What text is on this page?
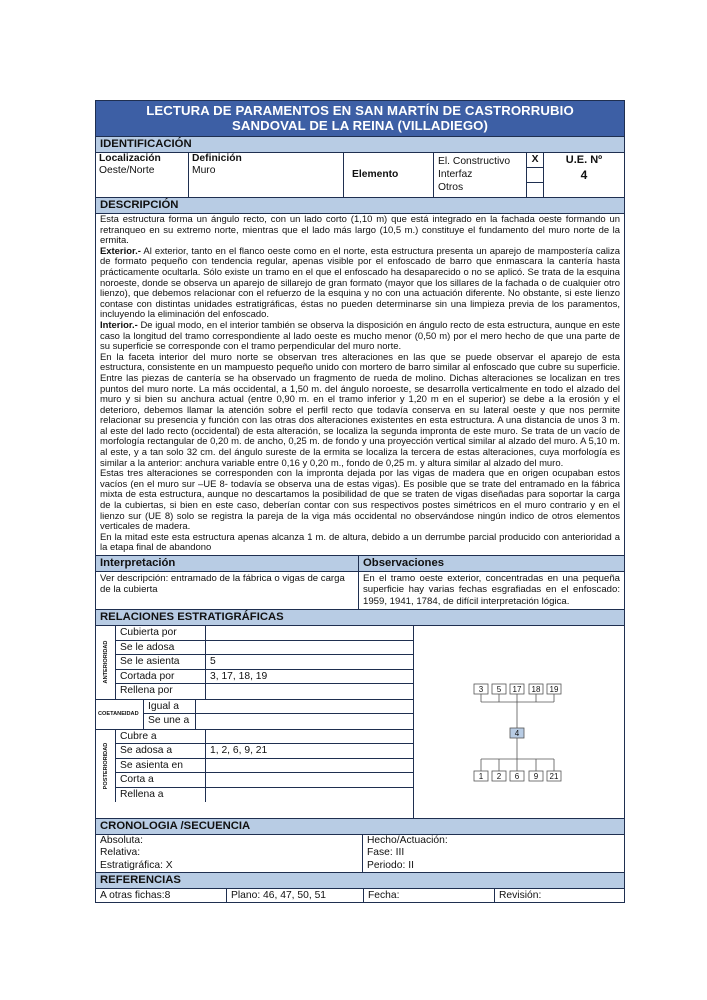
LECTURA DE PARAMENTOS EN SAN MARTÍN DE CASTRORRUBIO
SANDOVAL DE LA REINA (VILLADIEGO)
IDENTIFICACIÓN
Localización
Oeste/Norte

Definición
Muro	Elemento	
El. Constructivo
Interfaz
Otros

X	U.E. Nº
4
DESCRIPCIÓN

Esta estructura forma un ángulo recto, con un lado corto (1,10 m) que está integrado en la fachada oeste formando un retranqueo en su extremo norte, mientras que el lado más largo (10,5 m.) constituye el fundamento del muro norte de la ermita.

Exterior.- Al exterior, tanto en el flanco oeste como en el norte, esta estructura presenta un aparejo de mampostería caliza de formato pequeño con tendencia regular, apenas visible por el enfoscado de barro que enmascara la cantería hasta prácticamente ocultarla. Sólo existe un tramo en el que el enfoscado ha desaparecido o no se aplicó. Se trata de la esquina noroeste, donde se observa un aparejo de sillarejo de gran formato (mayor que los sillares de la fachada o de cualquier otro lienzo), que debemos relacionar con el refuerzo de la esquina y no con una actuación diferente. No obstante, si este lienzo contase con distintas unidades estratigráficas, éstas no pueden determinarse sin una limpieza previa de los paramentos, incluyendo la eliminación del enfoscado.

Interior.- De igual modo, en el interior también se observa la disposición en ángulo recto de esta estructura, aunque en este caso la longitud del tramo correspondiente al lado oeste es mucho menor (0,50 m) por el mero hecho de que una parte de su superficie se corresponde con el tramo perpendicular del muro norte.

En la faceta interior del muro norte se observan tres alteraciones en las que se puede observar el aparejo de esta estructura, consistente en un mampuesto pequeño unido con mortero de barro similar al enfoscado que cubre su superficie. Entre las piezas de cantería se ha observado un fragmento de rueda de molino. Dichas alteraciones se localizan en tres puntos del muro norte. La más occidental, a 1,50 m. del ángulo noroeste, se desarrolla verticalmente en todo el alzado del muro y si bien su anchura actual (entre 0,90 m. en el tramo inferior y 1,20 m en el superior) se debe a la erosión y el deterioro, debemos llamar la atención sobre el perfil recto que todavía conserva en su lateral oeste y que nos permite relacionar su presencia y función con las otras dos alteraciones existentes en esta estructura. A una distancia de unos 3 m. al este del lado recto (occidental) de esta alteración, se localiza la segunda impronta de este muro. Se trata de un vacío de morfología rectangular de 0,20 m. de ancho, 0,25 m. de fondo y una proyección vertical similar al alzado del muro. A 5,10 m. al este, y a tan solo 32 cm. del ángulo sureste de la ermita se localiza la tercera de estas alteraciones, cuya morfología es similar a la anterior: anchura variable entre 0,16 y 0,20 m., fondo de 0,25 m. y altura similar al alzado del muro.

Estas tres alteraciones se corresponden con la impronta dejada por las vigas de madera que en origen ocupaban estos vacíos (en el muro sur –UE 8- todavía se observa una de estas vigas). Es posible que se trate del entramado en la fábrica mixta de esta estructura, aunque no descartamos la posibilidad de que se traten de vigas diseñadas para soportar la carga de la cubiertas, si bien en este caso, deberían contar con sus respectivos postes simétricos en el muro contrario y en el lienzo sur (UE 8) solo se registra la pareja de la viga más occidental no observándose ningún indico de otros elementos verticales de madera.

En la mitad este esta estructura apenas alcanza 1 m. de altura, debido a un derrumbe parcial producido con anterioridad a la etapa final de abandono

Interpretación
Ver descripción: entramado de la fábrica o vigas de carga de la cubierta
Observaciones
En el tramo oeste exterior, concentradas en una pequeña superficie hay varias fechas esgrafiadas en el enfoscado: 1959, 1941, 1784, de difícil interpretación lógica.
RELACIONES ESTRATIGRÁFICAS
ANTERIORIDAD
Cubierta por
Se le adosa
Se le asienta	5
Cortada por	3, 17, 18, 19
Rellena por
COETANEIDAD
Igual a
Se une a
POSTERIORIDAD
Cubre a
Se adosa a	1, 2, 6, 9, 21
Se asienta en
Corta a
Rellena a
3 5 17 18 19
4
1 2 6 9 21
CRONOLOGIA /SECUENCIA
Absoluta:
Relativa:
Estratigráfica: X

Hecho/Actuación:
Fase: III
Periodo: II
REFERENCIAS
A otras fichas:8	Plano: 46, 47, 50, 51	Fecha:	Revisión:
